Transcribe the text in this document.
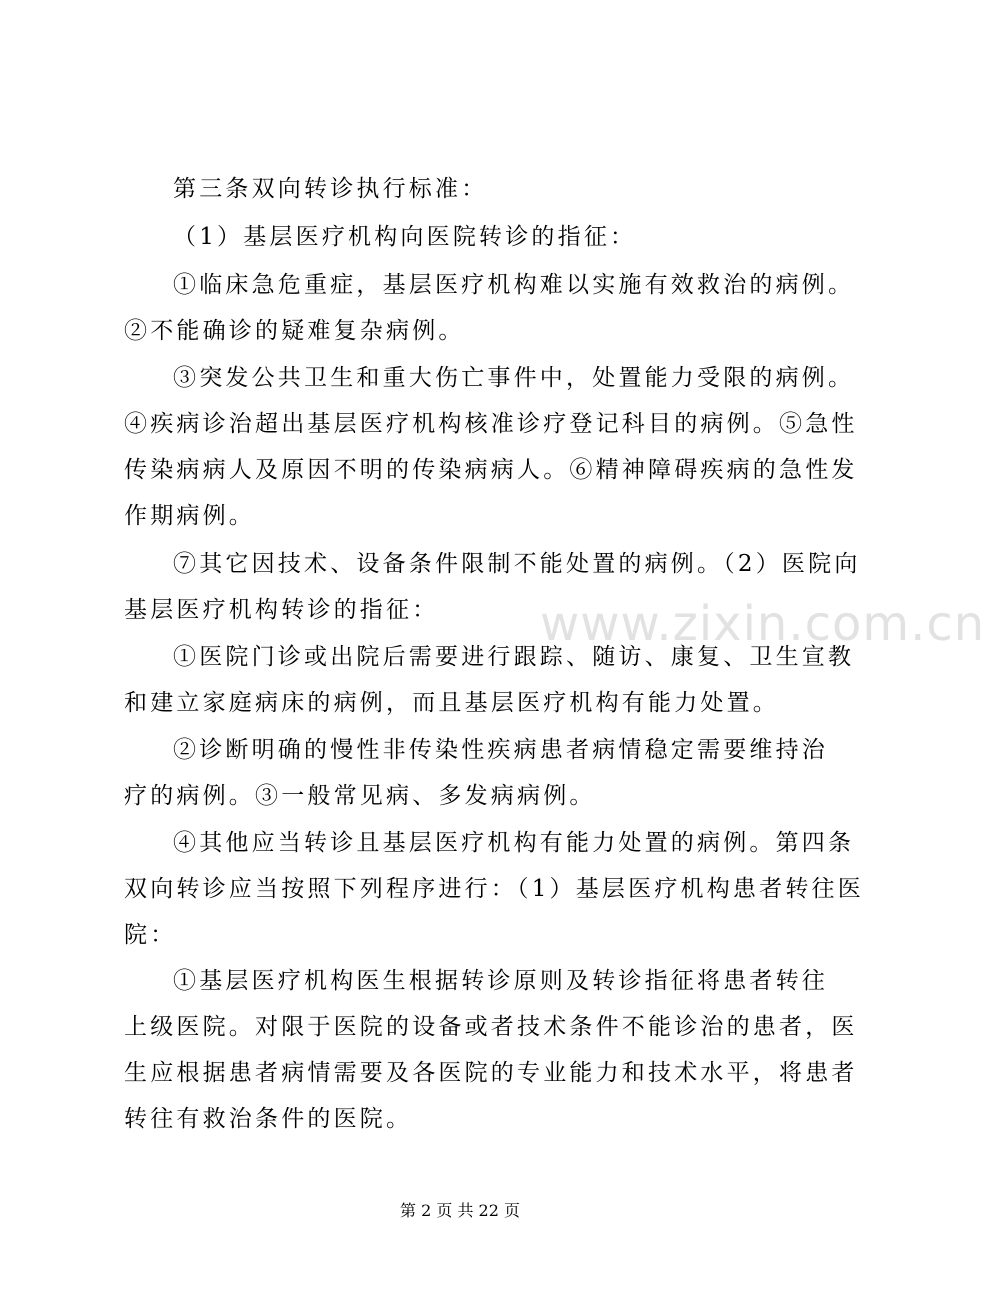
www.zixin.com.cn
第三条双向转诊执行标准：
（1）基层医疗机构向医院转诊的指征：
①临床急危重症，基层医疗机构难以实施有效救治的病例。
②不能确诊的疑难复杂病例。
③突发公共卫生和重大伤亡事件中，处置能力受限的病例。
④疾病诊治超出基层医疗机构核准诊疗登记科目的病例。⑤急性
传染病病人及原因不明的传染病病人。⑥精神障碍疾病的急性发
作期病例。
⑦其它因技术、设备条件限制不能处置的病例。（2）医院向
基层医疗机构转诊的指征：
①医院门诊或出院后需要进行跟踪、随访、康复、卫生宣教
和建立家庭病床的病例，而且基层医疗机构有能力处置。
②诊断明确的慢性非传染性疾病患者病情稳定需要维持治
疗的病例。③一般常见病、多发病病例。
④其他应当转诊且基层医疗机构有能力处置的病例。第四条
双向转诊应当按照下列程序进行：（1）基层医疗机构患者转往医
院：
①基层医疗机构医生根据转诊原则及转诊指征将患者转往
上级医院。对限于医院的设备或者技术条件不能诊治的患者，医
生应根据患者病情需要及各医院的专业能力和技术水平，将患者
转往有救治条件的医院。
第 2 页 共 22 页
